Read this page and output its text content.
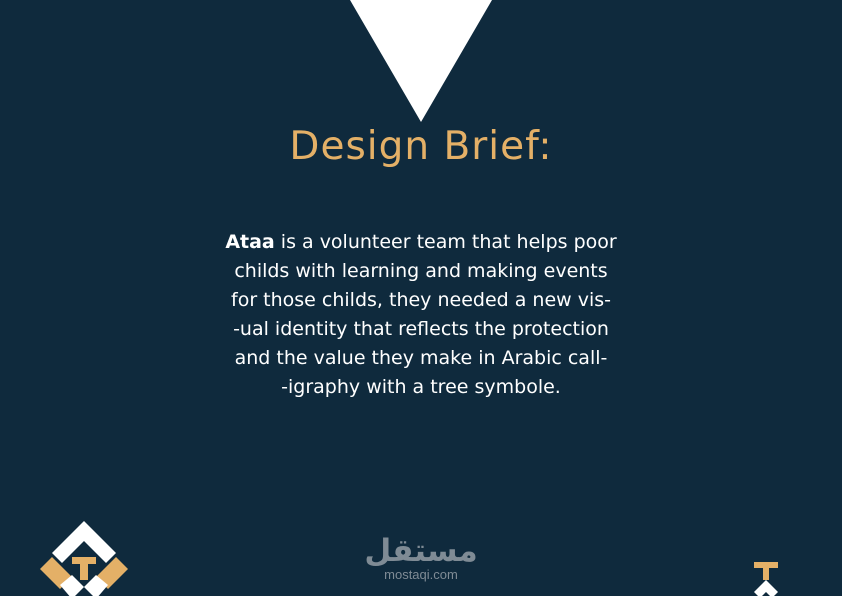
Design Brief:
Ataa is a volunteer team that helps poor
childs with learning and making events
for those childs, they needed a new vis-
-ual identity that reflects the protection
and the value they make in Arabic call-
-igraphy with a tree symbole.
مستقل
mostaqi.com
